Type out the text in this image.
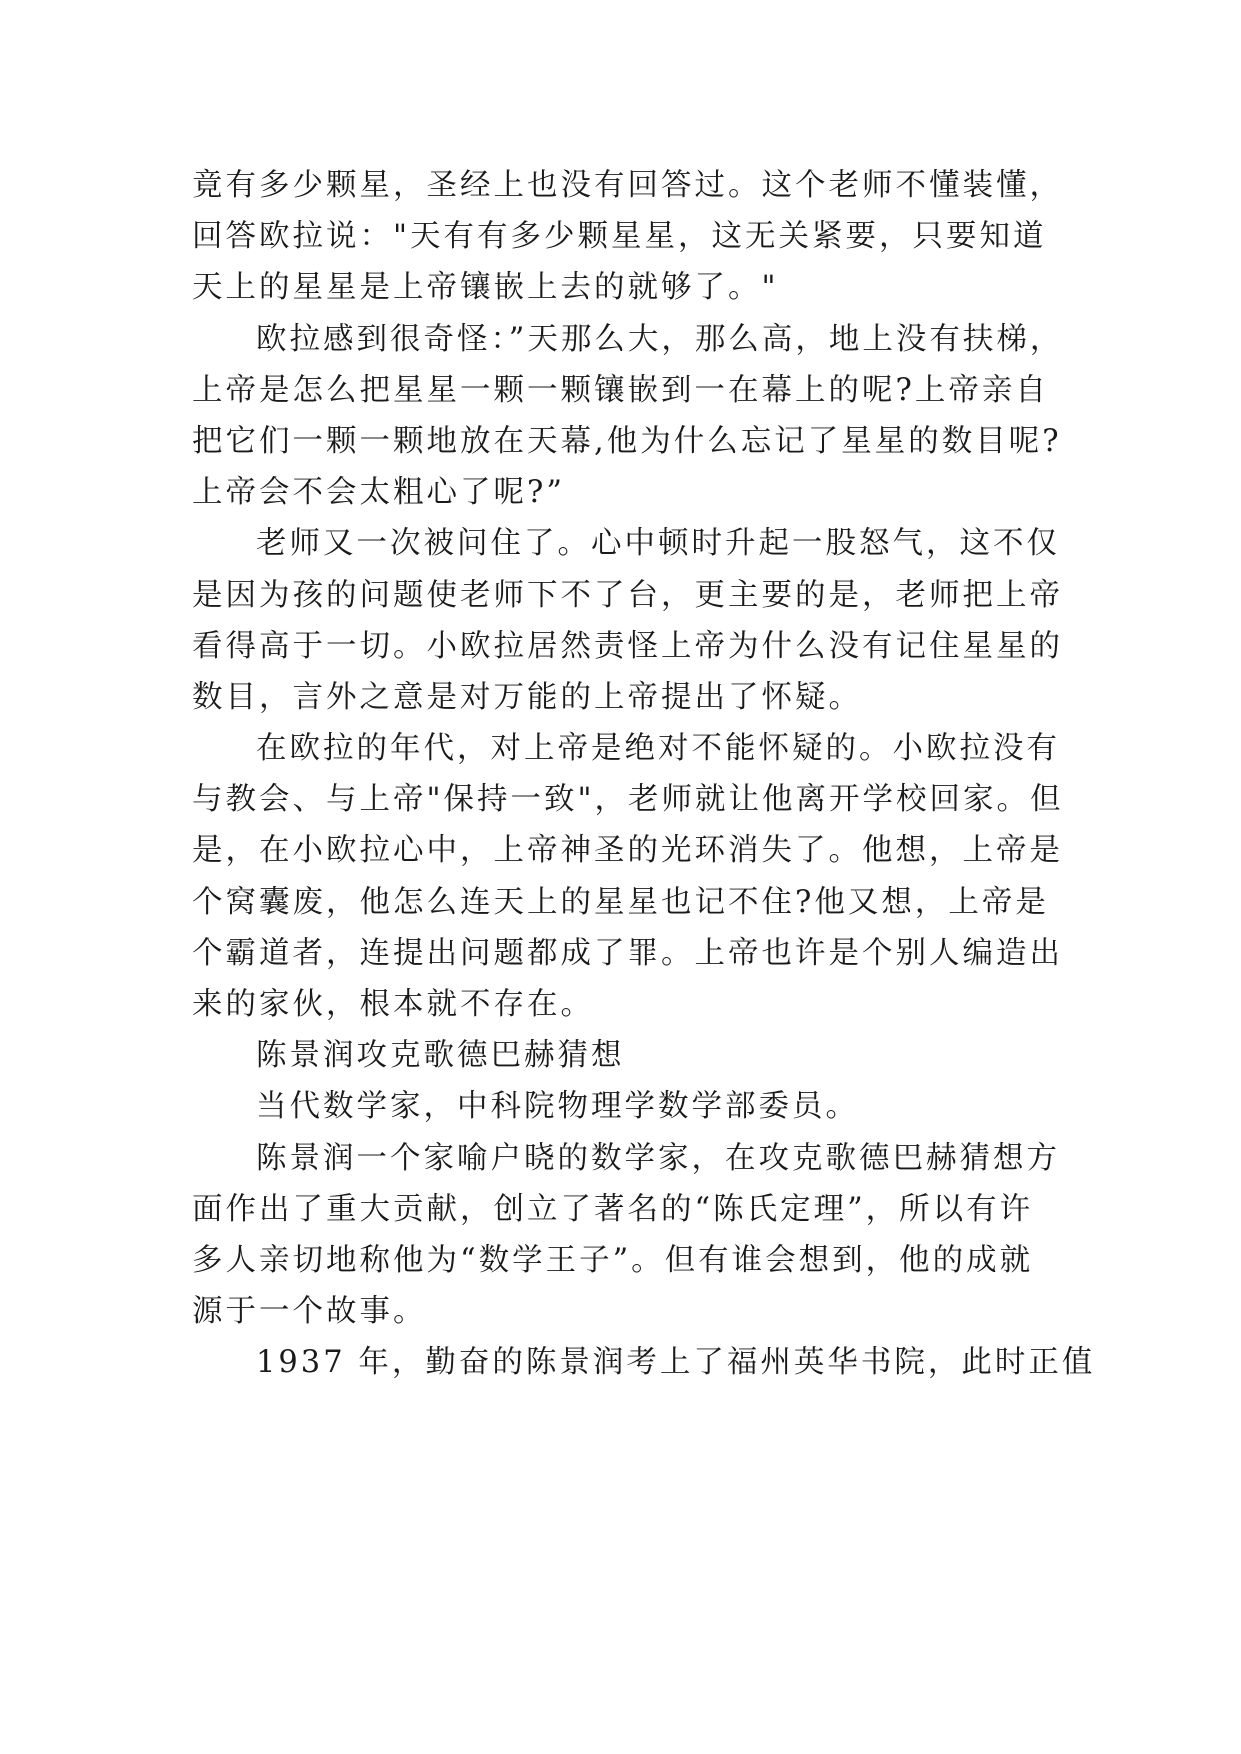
竟有多少颗星，圣经上也没有回答过。这个老师不懂装懂，
回答欧拉说："天有有多少颗星星，这无关紧要，只要知道
天上的星星是上帝镶嵌上去的就够了。"
欧拉感到很奇怪：”天那么大，那么高，地上没有扶梯，
上帝是怎么把星星一颗一颗镶嵌到一在幕上的呢?上帝亲自
把它们一颗一颗地放在天幕,他为什么忘记了星星的数目呢?
上帝会不会太粗心了呢?”
老师又一次被问住了。心中顿时升起一股怒气，这不仅
是因为孩的问题使老师下不了台，更主要的是，老师把上帝
看得高于一切。小欧拉居然责怪上帝为什么没有记住星星的
数目，言外之意是对万能的上帝提出了怀疑。
在欧拉的年代，对上帝是绝对不能怀疑的。小欧拉没有
与教会、与上帝"保持一致"，老师就让他离开学校回家。但
是，在小欧拉心中，上帝神圣的光环消失了。他想，上帝是
个窝囊废，他怎么连天上的星星也记不住?他又想，上帝是
个霸道者，连提出问题都成了罪。上帝也许是个别人编造出
来的家伙，根本就不存在。
陈景润攻克歌德巴赫猜想
当代数学家，中科院物理学数学部委员。
陈景润一个家喻户晓的数学家，在攻克歌德巴赫猜想方
面作出了重大贡献，创立了著名的“陈氏定理”，所以有许
多人亲切地称他为“数学王子”。但有谁会想到，他的成就
源于一个故事。
1937 年，勤奋的陈景润考上了福州英华书院，此时正值
